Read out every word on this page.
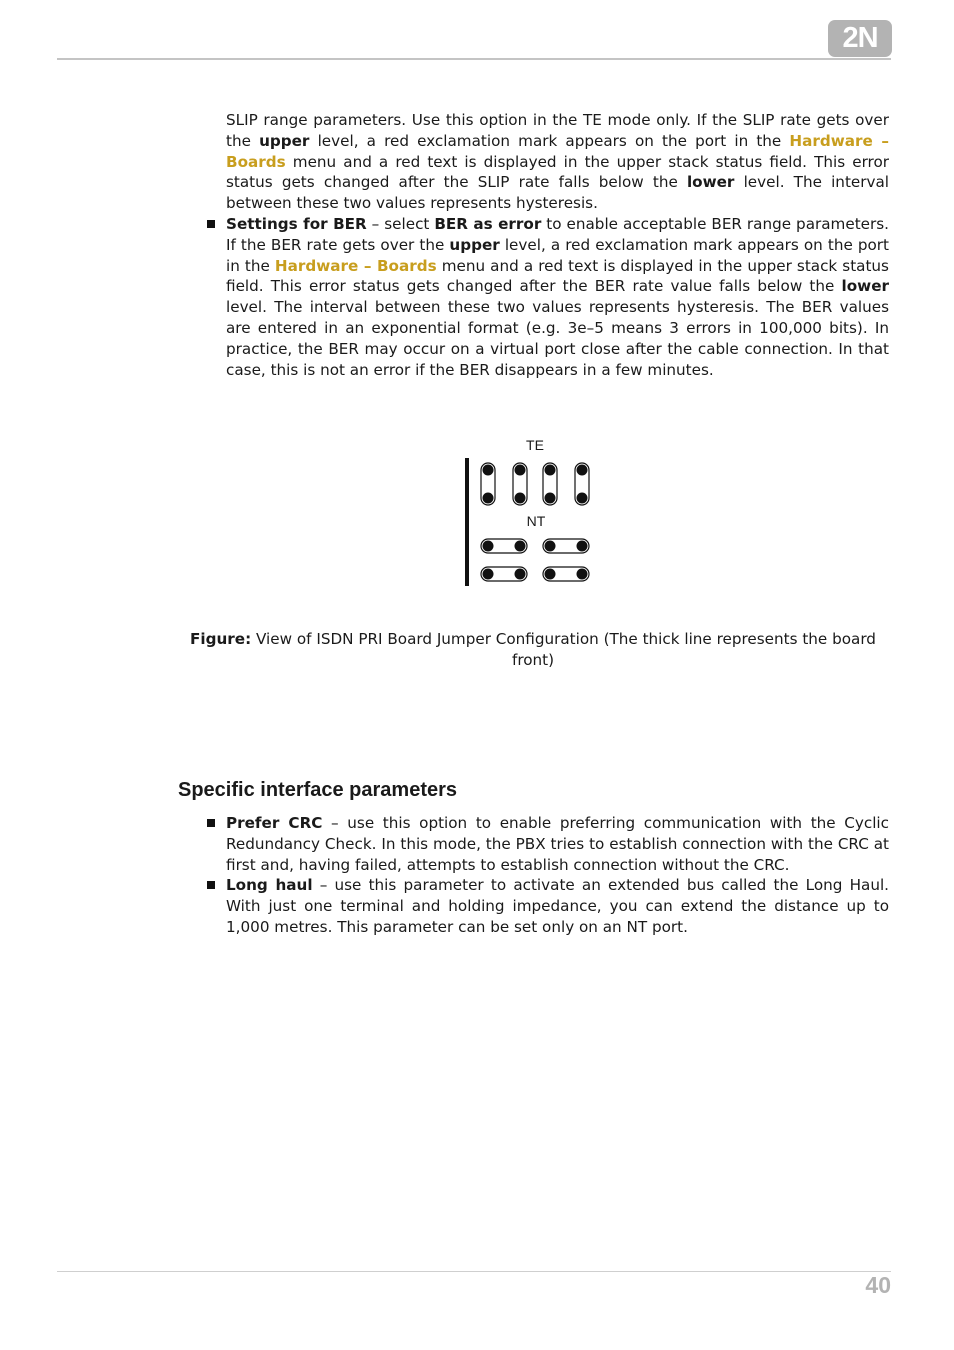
2N

SLIP range parameters. Use this option in the TE mode only. If the SLIP rate gets over the upper level, a red exclamation mark appears on the port in the Hardware – Boards menu and a red text is displayed in the upper stack status field. This error status gets changed after the SLIP rate falls below the lower level. The interval between these two values represents hysteresis.

Settings for BER – select BER as error to enable acceptable BER range parameters. If the BER rate gets over the upper level, a red exclamation mark appears on the port in the Hardware – Boards menu and a red text is displayed in the upper stack status field. This error status gets changed after the BER rate value falls below the lower level. The interval between these two values represents hysteresis. The BER values are entered in an exponential format (e.g. 3e–5 means 3 errors in 100,000 bits). In practice, the BER may occur on a virtual port close after the cable connection. In that case, this is not an error if the BER disappears in a few minutes.

TE
NT
Figure: View of ISDN PRI Board Jumper Configuration (The thick line represents the board front)
Specific interface parameters

Prefer CRC – use this option to enable preferring communication with the Cyclic Redundancy Check. In this mode, the PBX tries to establish connection with the CRC at first and, having failed, attempts to establish connection without the CRC.

Long haul – use this parameter to activate an extended bus called the Long Haul. With just one terminal and holding impedance, you can extend the distance up to 1,000 metres. This parameter can be set only on an NT port.

40
